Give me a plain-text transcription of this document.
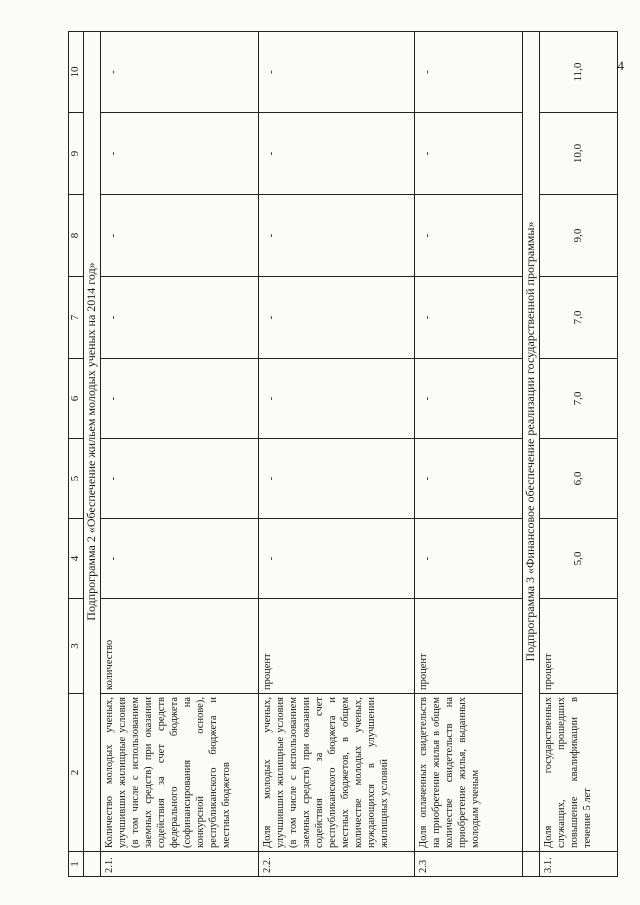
4
1	2	3	4	5	6	7	8	9	10
	Подпрограмма 2 «Обеспечение жильем молодых ученых на 2014 год»								
2.1.	Количество молодых ученых, улучшивших жилищные условия (в том числе с использованием заемных средств) при оказании содействия за счет средств федерального бюджета (софинансирования на конкурсной основе), республиканского бюджета и местных бюджетов	количество	-	-	-	-	-	-	-
2.2.	Доля молодых ученых, улучшивших жилищные условия (в том числе с использованием заемных средств) при оказании содействия за счет республиканского бюджета и местных бюджетов, в общем количестве молодых ученых, нуждающихся в улучшении жилищных условий	процент	-	-	-	-	-	-	-
2.3	Доля оплаченных свидетельств на приобретение жилья в общем количестве свидетельств на приобретение жилья, выданных молодым ученым	процент	-	-	-	-	-	-	-
	Подпрограмма 3 «Финансовое обеспечение реализации государственной программы»								
3.1.	Доля государственных служащих, прошедших повышение квалификации в течение 5 лет	процент	5,0	6,0	7,0	7,0	9,0	10,0	11,0
